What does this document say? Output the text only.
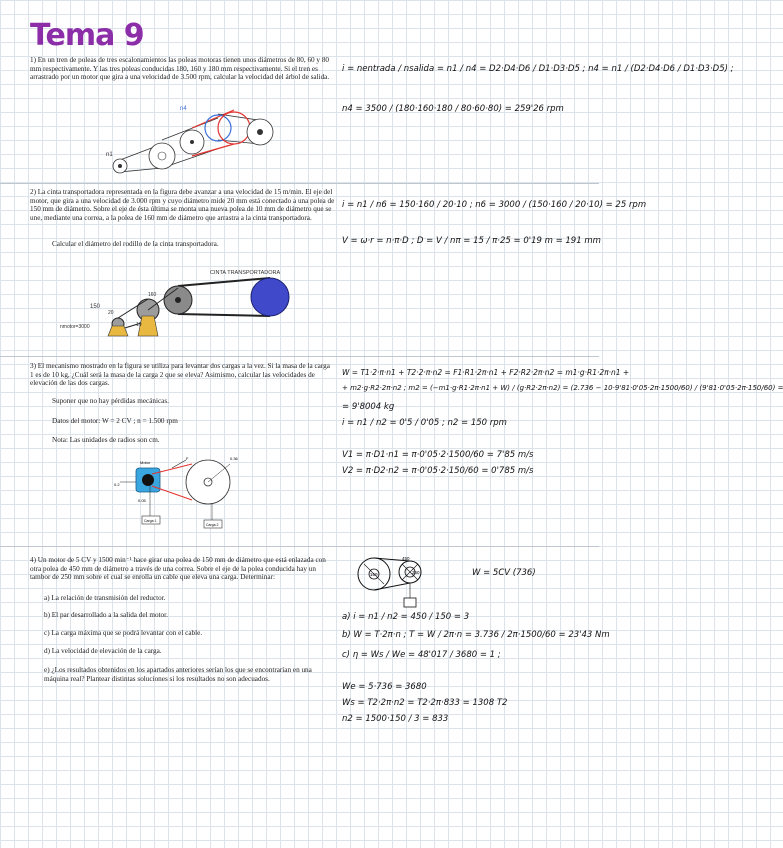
Tema 9
1) En un tren de poleas de tres escalonamientos las poleas motoras tienen unos diámetros de 80, 60 y 80 mm respectivamente. Y las tres poleas conducidas 180, 160 y 180 mm respectivamente. Si el tren es arrastrado por un motor que gira a una velocidad de 3.500 rpm, calcular la velocidad del árbol de salida.
n4
n1
i = nentrada / nsalida = n1 / n4 = D2·D4·D6 / D1·D3·D5 ; n4 = n1 / (D2·D4·D6 / D1·D3·D5) ;
n4 = 3500 / (180·160·180 / 80·60·80) = 259'26 rpm
2) La cinta transportadora representada en la figura debe avanzar a una velocidad de 15 m/min. El eje del motor, que gira a una velocidad de 3.000 rpm y cuyo diámetro mide 20 mm está conectado a una polea de 150 mm de diámetro. Sobre el eje de ésta última se monta una nueva polea de 10 mm de diámetro que se une, mediante una correa, a la polea de 160 mm de diámetro que arrastra a la cinta transportadora.
Calcular el diámetro del rodillo de la cinta transportadora.
CINTA TRANSPORTADORA
150
nmotor=3000
160
10
20
i = n1 / n6 = 150·160 / 20·10 ; n6 = 3000 / (150·160 / 20·10) = 25 rpm
V = ω·r = n·π·D ; D = V / nπ = 15 / π·25 = 0'19 m = 191 mm
3) El mecanismo mostrado en la figura se utiliza para levantar dos cargas a la vez. Si la masa de la carga 1 es de 10 kg, ¿Cuál será la masa de la carga 2 que se eleva? Asimismo, calcular las velocidades de elevación de las dos cargas.
Suponer que no hay pérdidas mecánicas.
Datos del motor: W = 2 CV ; n = 1.500 rpm
Nota: Las unidades de radios son cm.
Motor
F	0.36
0.2
0.05
Carga 1
Carga 2
W = T1·2·π·n1 + T2·2·π·n2 = F1·R1·2π·n1 + F2·R2·2π·n2 = m1·g·R1·2π·n1 +
+ m2·g·R2·2π·n2 ; m2 = (−m1·g·R1·2π·n1 + W) / (g·R2·2π·n2) = (2.736 − 10·9'81·0'05·2π·1500/60) / (9'81·0'05·2π·150/60) =
= 9'8004 kg
i = n1 / n2 = 0'5 / 0'05 ; n2 = 150 rpm
V1 = π·D1·n1 = π·0'05·2·1500/60 = 7'85 m/s
V2 = π·D2·n2 = π·0'05·2·150/60 = 0'785 m/s
4) Un motor de 5 CV y 1500 min⁻¹ hace girar una polea de 150 mm de diámetro que está enlazada con otra polea de 450 mm de diámetro a través de una correa. Sobre el eje de la polea conducida hay un tambor de 250 mm sobre el cual se enrolla un cable que eleva una carga. Determinar:
a) La relación de transmisión del reductor.
b) El par desarrollado a la salida del motor.
c) La carga máxima que se podrá levantar con el cable.
d) La velocidad de elevación de la carga.
e) ¿Los resultados obtenidos en los apartados anteriores serían los que se encontrarían en una máquina real? Plantear distintas soluciones si los resultados no son adecuados.
150
450
250	W = 5CV (736)
a) i = n1 / n2 = 450 / 150 = 3
b) W = T·2π·n ; T = W / 2π·n = 3.736 / 2π·1500/60 = 23'43 Nm
c) η = Ws / We = 48'017 / 3680 = 1 ;
We = 5·736 = 3680
Ws = T2·2π·n2 = T2·2π·833 = 1308 T2
n2 = 1500·150 / 3 = 833
